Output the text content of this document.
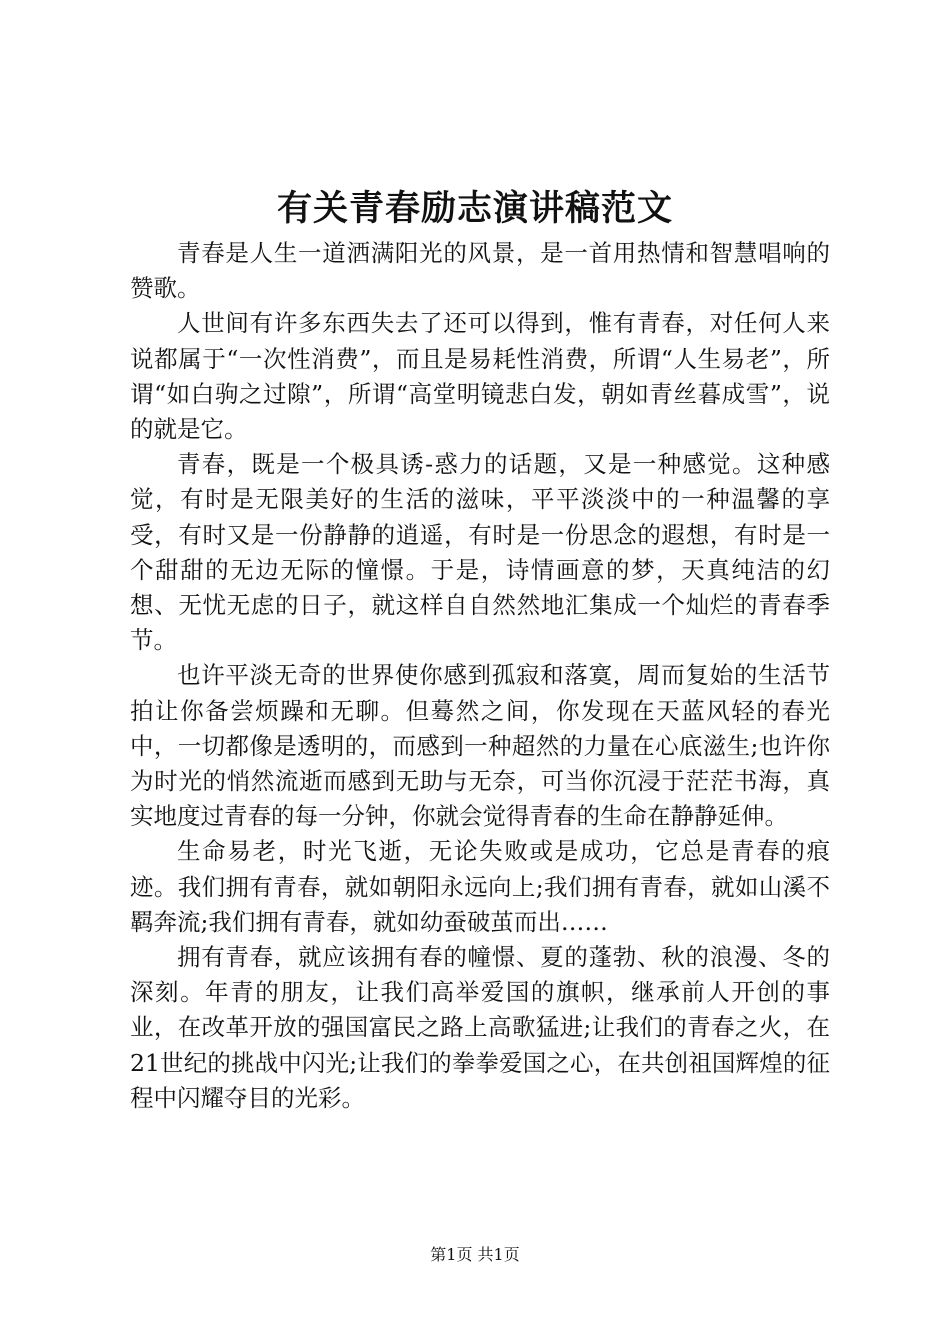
有关青春励志演讲稿范文

青春是人生一道洒满阳光的风景，是一首用热情和智慧唱响的赞歌。

人世间有许多东西失去了还可以得到，惟有青春，对任何人来说都属于“一次性消费”，而且是易耗性消费，所谓“人生易老”，所谓“如白驹之过隙”，所谓“高堂明镜悲白发，朝如青丝暮成雪”，说的就是它。

青春，既是一个极具诱-惑力的话题，又是一种感觉。这种感觉，有时是无限美好的生活的滋味，平平淡淡中的一种温馨的享受，有时又是一份静静的逍遥，有时是一份思念的遐想，有时是一个甜甜的无边无际的憧憬。于是，诗情画意的梦，天真纯洁的幻想、无忧无虑的日子，就这样自自然然地汇集成一个灿烂的青春季节。

也许平淡无奇的世界使你感到孤寂和落寞，周而复始的生活节拍让你备尝烦躁和无聊。但蓦然之间，你发现在天蓝风轻的春光中，一切都像是透明的，而感到一种超然的力量在心底滋生;也许你为时光的悄然流逝而感到无助与无奈，可当你沉浸于茫茫书海，真实地度过青春的每一分钟，你就会觉得青春的生命在静静延伸。

生命易老，时光飞逝，无论失败或是成功，它总是青春的痕迹。我们拥有青春，就如朝阳永远向上;我们拥有青春，就如山溪不羁奔流;我们拥有青春，就如幼蚕破茧而出……

拥有青春，就应该拥有春的幢憬、夏的蓬勃、秋的浪漫、冬的深刻。年青的朋友，让我们高举爱国的旗帜，继承前人开创的事业，在改革开放的强国富民之路上高歌猛进;让我们的青春之火，在21世纪的挑战中闪光;让我们的拳拳爱国之心，在共创祖国辉煌的征程中闪耀夺目的光彩。

第1页 共1页
